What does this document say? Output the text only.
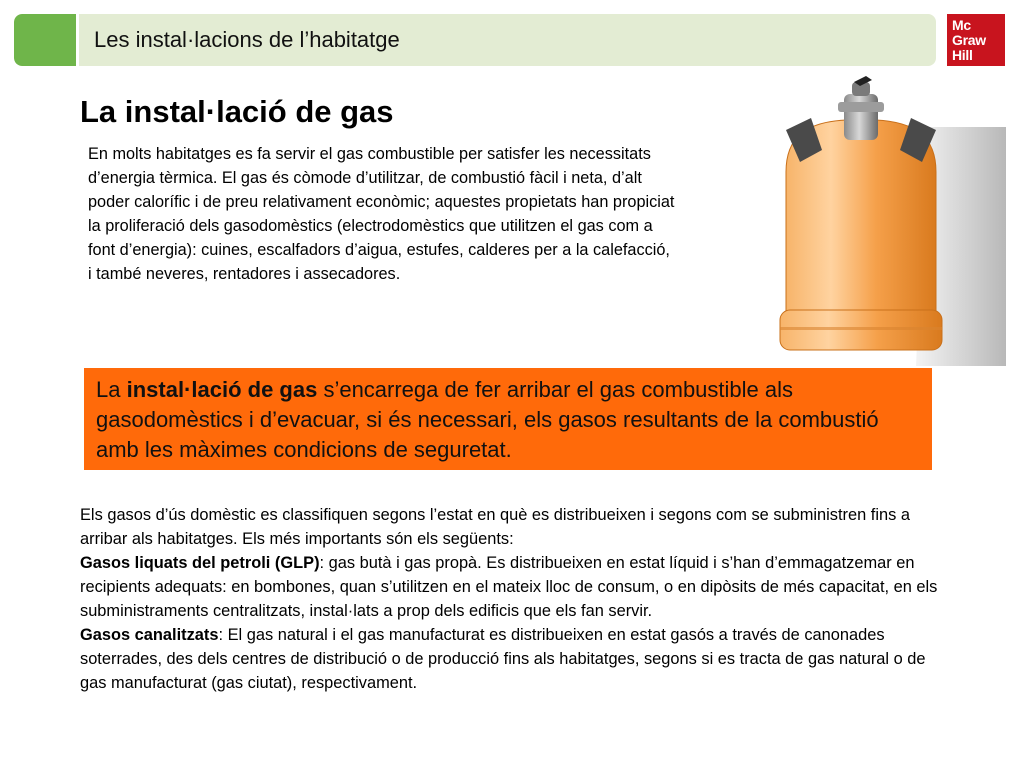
Les instal·lacions de l’habitatge
Mc
Graw
Hill
La instal·lació de gas
En molts habitatges es fa servir el gas combustible per satisfer les necessitats d’energia tèrmica. El gas és còmode d’utilitzar, de combustió fàcil i neta, d’alt poder calorífic i de preu relativament econòmic; aquestes propietats han propiciat la proliferació dels gasodomèstics (electrodomèstics que utilitzen el gas com a font d’energia): cuines, escalfadors d’aigua, estufes, calderes per a la calefacció, i també neveres, rentadores i assecadores.
La instal·lació de gas s’encarrega de fer arribar el gas combustible als gasodomèstics i d’evacuar, si és necessari, els gasos resultants de la combustió amb les màximes condicions de seguretat.

Els gasos d’ús domèstic es classifiquen segons l’estat en què es distribueixen i segons com se subministren fins a arribar als habitatges. Els més importants són els següents:

Gasos liquats del petroli (GLP): gas butà i gas propà. Es distribueixen en estat líquid i s’han d’emmagatzemar en recipients adequats: en bombones, quan s’utilitzen en el mateix lloc de consum, o en dipòsits de més capacitat, en els subministraments centralitzats, instal·lats a prop dels edificis que els fan servir.

Gasos canalitzats: El gas natural i el gas manufacturat es distribueixen en estat gasós a través de canonades soterrades, des dels centres de distribució o de producció fins als habitatges, segons si es tracta de gas natural o de gas manufacturat (gas ciutat), respectivament.
